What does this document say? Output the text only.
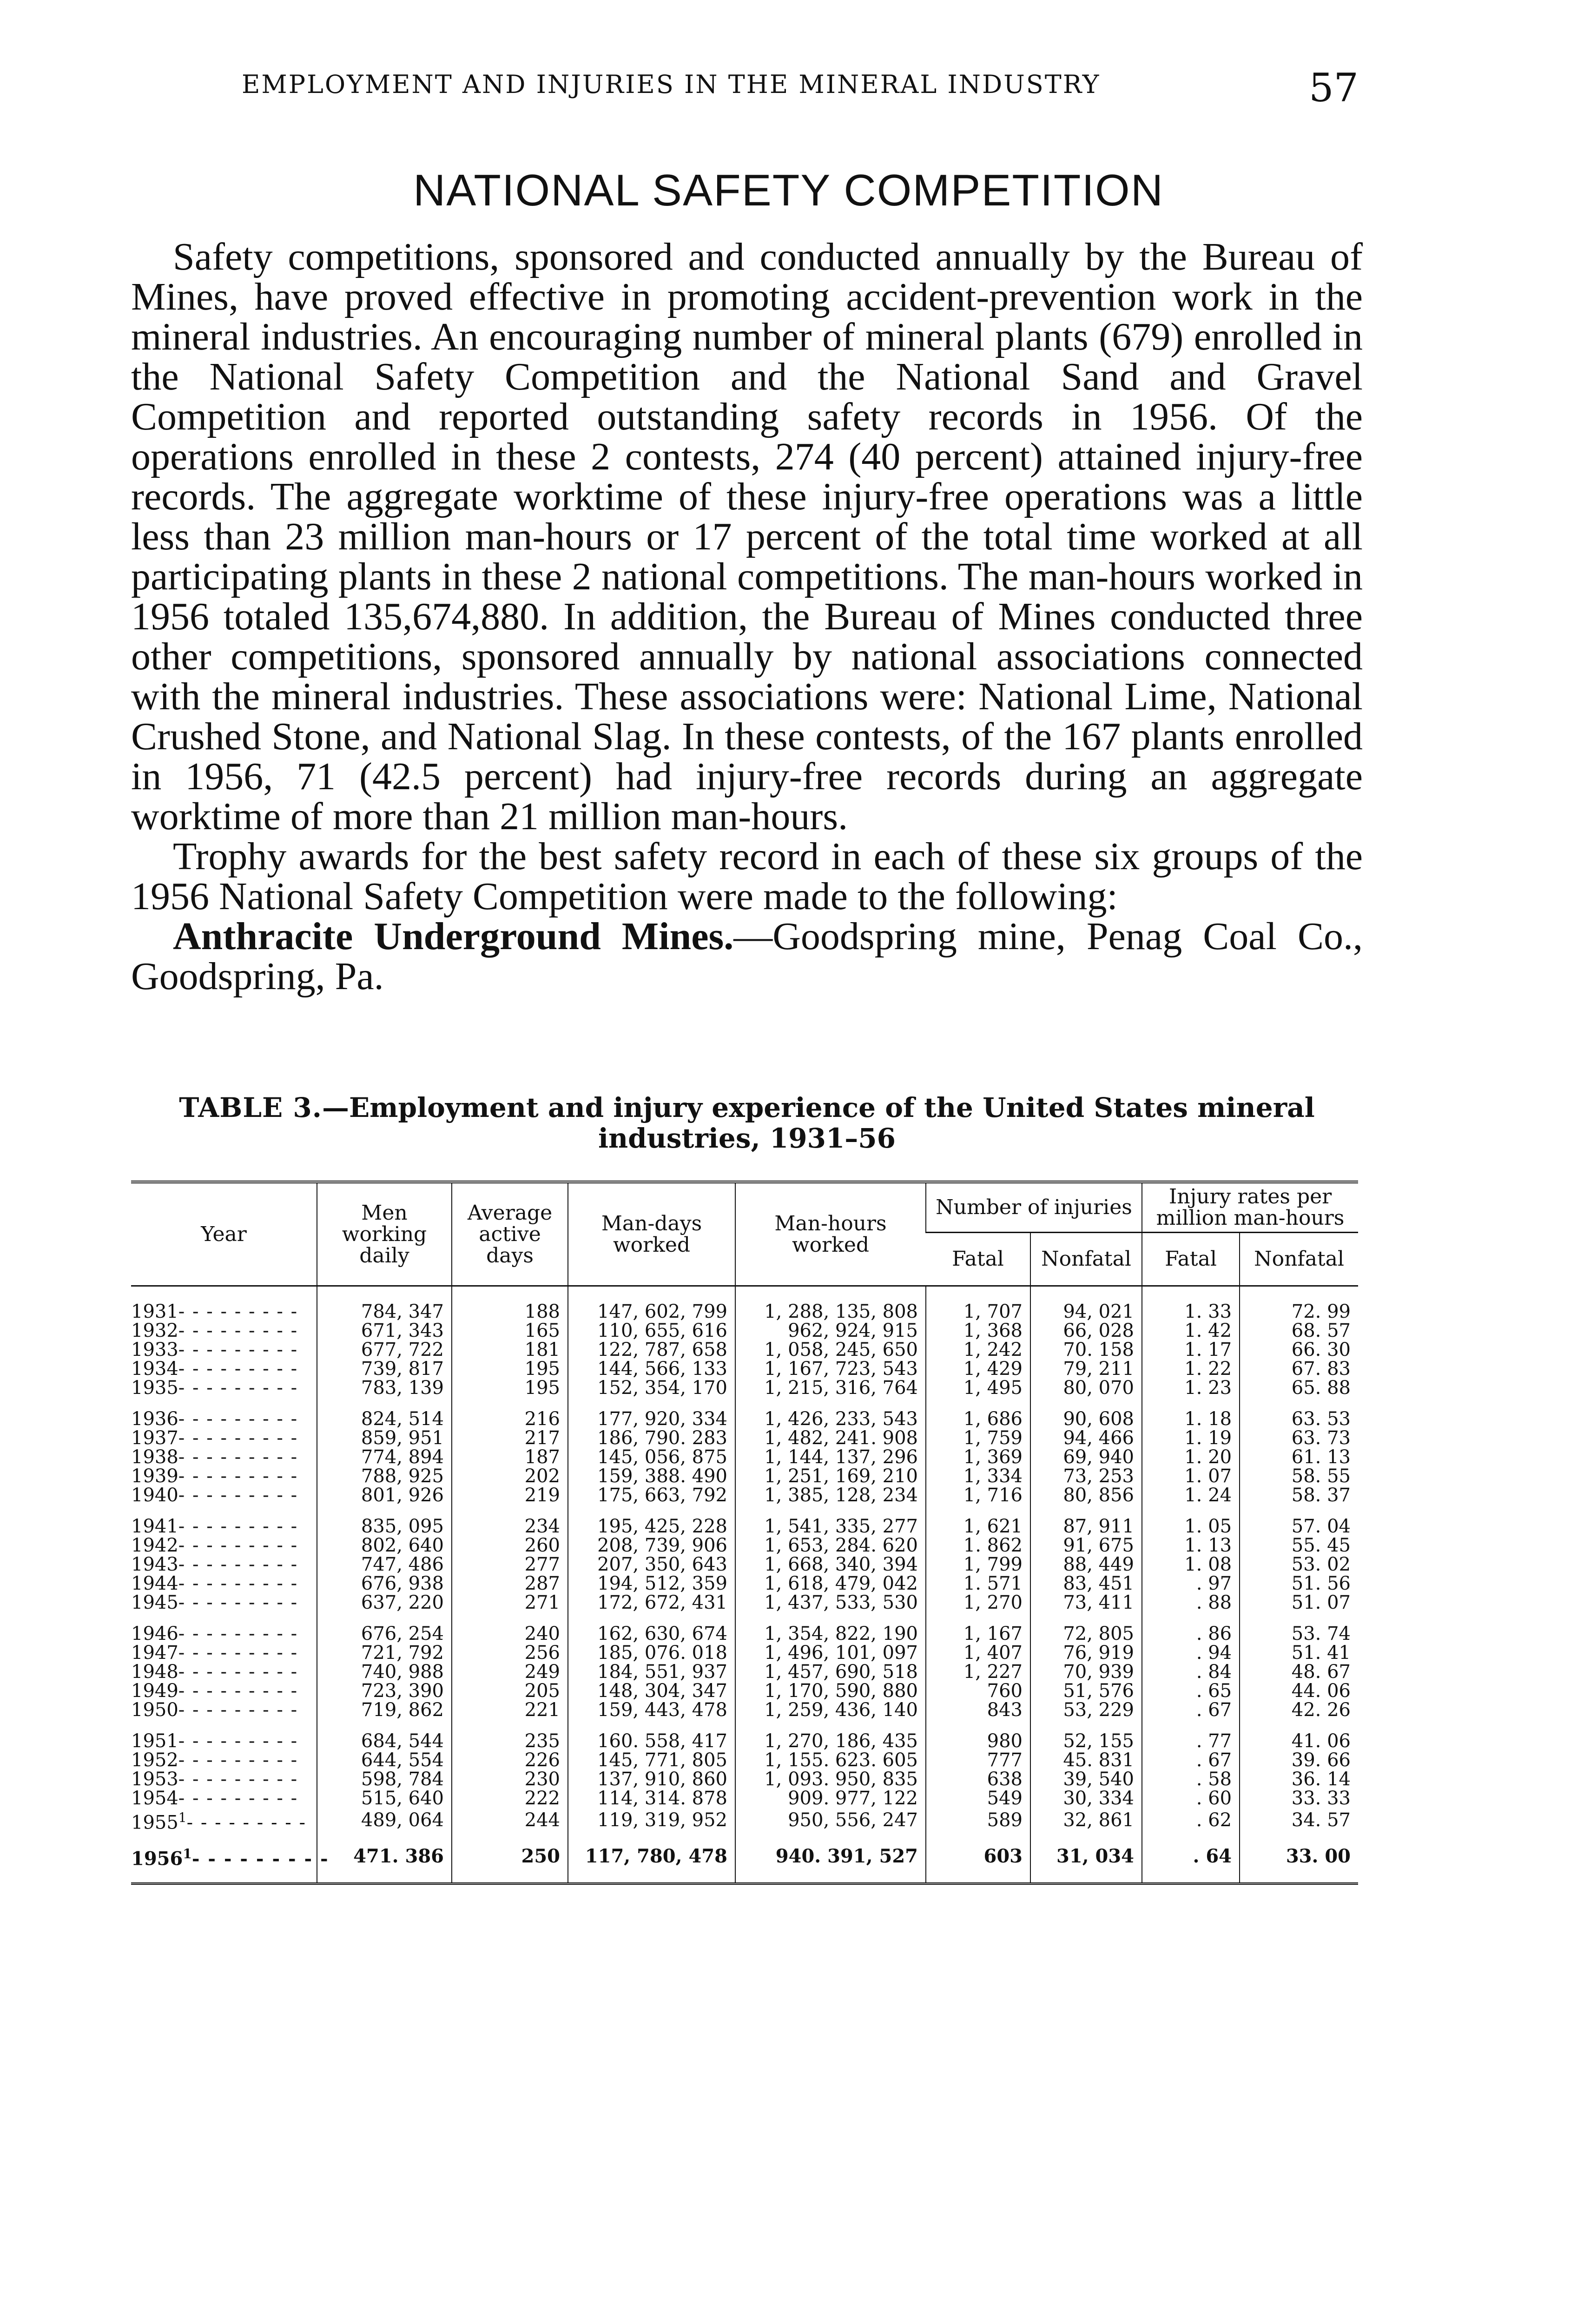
EMPLOYMENT AND INJURIES IN THE MINERAL INDUSTRY	57
NATIONAL SAFETY COMPETITION

Safety competitions, sponsored and conducted annually by the Bureau of Mines, have proved effective in promoting accident-prevention work in the mineral industries. An encouraging number of mineral plants (679) enrolled in the National Safety Competition and the National Sand and Gravel Competition and reported outstanding safety records in 1956. Of the operations enrolled in these 2 contests, 274 (40 percent) attained injury-free records. The aggregate worktime of these injury-free operations was a little less than 23 million man-hours or 17 percent of the total time worked at all participating plants in these 2 national competitions. The man-hours worked in 1956 totaled 135,674,880. In addition, the Bureau of Mines conducted three other competitions, sponsored annually by national associations connected with the mineral industries. These associations were: National Lime, National Crushed Stone, and National Slag. In these contests, of the 167 plants enrolled in 1956, 71 (42.5 percent) had injury-free records during an aggregate worktime of more than 21 million man-hours.

Trophy awards for the best safety record in each of these six groups of the 1956 National Safety Competition were made to the following:

Anthracite Underground Mines.—Goodspring mine, Penag Coal Co., Goodspring, Pa.

TABLE 3.—Employment and injury experience of the United States mineral industries, 1931–56
Year	Men working daily	Average active days	Man-days worked	Man-hours worked	Number of injuries		Injury rates per million man-hours	
					Fatal	Nonfatal	Fatal	Nonfatal
1931- - - - - - - - -	784, 347	188	147, 602, 799	1, 288, 135, 808	1, 707	94, 021	1. 33	72. 99
1932- - - - - - - - -	671, 343	165	110, 655, 616	962, 924, 915	1, 368	66, 028	1. 42	68. 57
1933- - - - - - - - -	677, 722	181	122, 787, 658	1, 058, 245, 650	1, 242	70. 158	1. 17	66. 30
1934- - - - - - - - -	739, 817	195	144, 566, 133	1, 167, 723, 543	1, 429	79, 211	1. 22	67. 83
1935- - - - - - - - -	783, 139	195	152, 354, 170	1, 215, 316, 764	1, 495	80, 070	1. 23	65. 88
1936- - - - - - - - -	824, 514	216	177, 920, 334	1, 426, 233, 543	1, 686	90, 608	1. 18	63. 53
1937- - - - - - - - -	859, 951	217	186, 790. 283	1, 482, 241. 908	1, 759	94, 466	1. 19	63. 73
1938- - - - - - - - -	774, 894	187	145, 056, 875	1, 144, 137, 296	1, 369	69, 940	1. 20	61. 13
1939- - - - - - - - -	788, 925	202	159, 388. 490	1, 251, 169, 210	1, 334	73, 253	1. 07	58. 55
1940- - - - - - - - -	801, 926	219	175, 663, 792	1, 385, 128, 234	1, 716	80, 856	1. 24	58. 37
1941- - - - - - - - -	835, 095	234	195, 425, 228	1, 541, 335, 277	1, 621	87, 911	1. 05	57. 04
1942- - - - - - - - -	802, 640	260	208, 739, 906	1, 653, 284. 620	1. 862	91, 675	1. 13	55. 45
1943- - - - - - - - -	747, 486	277	207, 350, 643	1, 668, 340, 394	1, 799	88, 449	1. 08	53. 02
1944- - - - - - - - -	676, 938	287	194, 512, 359	1, 618, 479, 042	1. 571	83, 451	. 97	51. 56
1945- - - - - - - - -	637, 220	271	172, 672, 431	1, 437, 533, 530	1, 270	73, 411	. 88	51. 07
1946- - - - - - - - -	676, 254	240	162, 630, 674	1, 354, 822, 190	1, 167	72, 805	. 86	53. 74
1947- - - - - - - - -	721, 792	256	185, 076. 018	1, 496, 101, 097	1, 407	76, 919	. 94	51. 41
1948- - - - - - - - -	740, 988	249	184, 551, 937	1, 457, 690, 518	1, 227	70, 939	. 84	48. 67
1949- - - - - - - - -	723, 390	205	148, 304, 347	1, 170, 590, 880	760	51, 576	. 65	44. 06
1950- - - - - - - - -	719, 862	221	159, 443, 478	1, 259, 436, 140	843	53, 229	. 67	42. 26
1951- - - - - - - - -	684, 544	235	160. 558, 417	1, 270, 186, 435	980	52, 155	. 77	41. 06
1952- - - - - - - - -	644, 554	226	145, 771, 805	1, 155. 623. 605	777	45. 831	. 67	39. 66
1953- - - - - - - - -	598, 784	230	137, 910, 860	1, 093. 950, 835	638	39, 540	. 58	36. 14
1954- - - - - - - - -	515, 640	222	114, 314. 878	909. 977, 122	549	30, 334	. 60	33. 33
1955$^1$- - - - - - - - -	489, 064	244	119, 319, 952	950, 556, 247	589	32, 861	. 62	34. 57
1956$^1$- - - - - - - - -	471. 386	250	117, 780, 478	940. 391, 527	603	31, 034	. 64	33. 00
